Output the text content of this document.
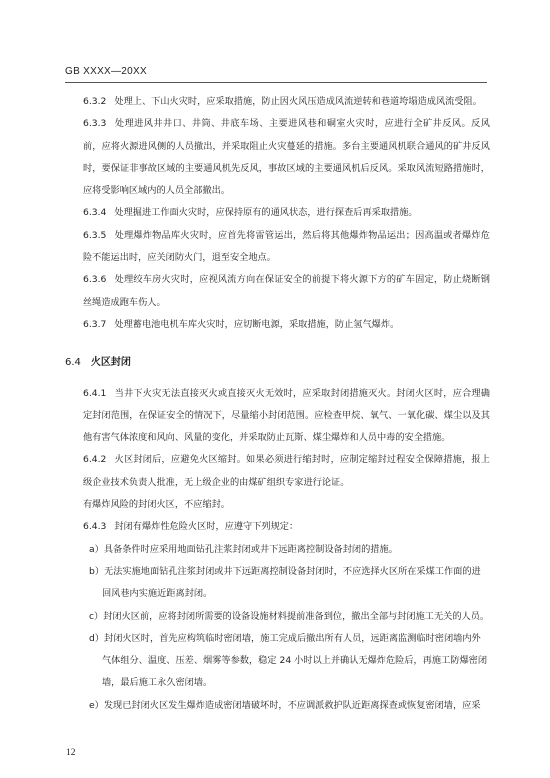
GB XXXX—20XX

6.3.2 处理上、下山火灾时，应采取措施，防止因火风压造成风流逆转和巷道垮塌造成风流受阻。

6.3.3 处理进风井井口、井筒、井底车场、主要进风巷和硐室火灾时，应进行全矿井反风。反风前，应将火源进风侧的人员撤出，并采取阻止火灾蔓延的措施。多台主要通风机联合通风的矿井反风时，要保证非事故区域的主要通风机先反风，事故区域的主要通风机后反风。采取风流短路措施时，应将受影响区域内的人员全部撤出。

6.3.4 处理掘进工作面火灾时，应保持原有的通风状态，进行探查后再采取措施。

6.3.5 处理爆炸物品库火灾时，应首先将雷管运出，然后将其他爆炸物品运出；因高温或者爆炸危险不能运出时，应关闭防火门，退至安全地点。

6.3.6 处理绞车房火灾时，应视风流方向在保证安全的前提下将火源下方的矿车固定，防止烧断钢丝绳造成跑车伤人。

6.3.7 处理蓄电池电机车库火灾时，应切断电源，采取措施，防止氢气爆炸。

6.4 火区封闭

6.4.1 当井下火灾无法直接灭火或直接灭火无效时，应采取封闭措施灭火。封闭火区时，应合理确定封闭范围，在保证安全的情况下，尽量缩小封闭范围。应检查甲烷、氧气、一氧化碳、煤尘以及其他有害气体浓度和风向、风量的变化，并采取防止瓦斯、煤尘爆炸和人员中毒的安全措施。

6.4.2 火区封闭后，应避免火区缩封。如果必须进行缩封时，应制定缩封过程安全保障措施，报上级企业技术负责人批准，无上级企业的由煤矿组织专家进行论证。

有爆炸风险的封闭火区，不应缩封。

6.4.3 封闭有爆炸性危险火区时，应遵守下列规定：

a）具备条件时应采用地面钻孔注浆封闭或井下远距离控制设备封闭的措施。

b）无法实施地面钻孔注浆封闭或井下远距离控制设备封闭时，不应选择火区所在采煤工作面的进
回风巷内实施近距离封闭。

c）封闭火区前，应将封闭所需要的设备设施材料提前准备到位，撤出全部与封闭施工无关的人员。

d）封闭火区时，首先应构筑临时密闭墙，施工完成后撤出所有人员，远距离监测临时密闭墙内外
气体组分、温度、压差、烟雾等参数，稳定 24 小时以上并确认无爆炸危险后，再施工防爆密闭墙，最后施工永久密闭墙。

e）发现已封闭火区发生爆炸造成密闭墙破坏时，不应调派救护队近距离探查或恢复密闭墙，应采

12
